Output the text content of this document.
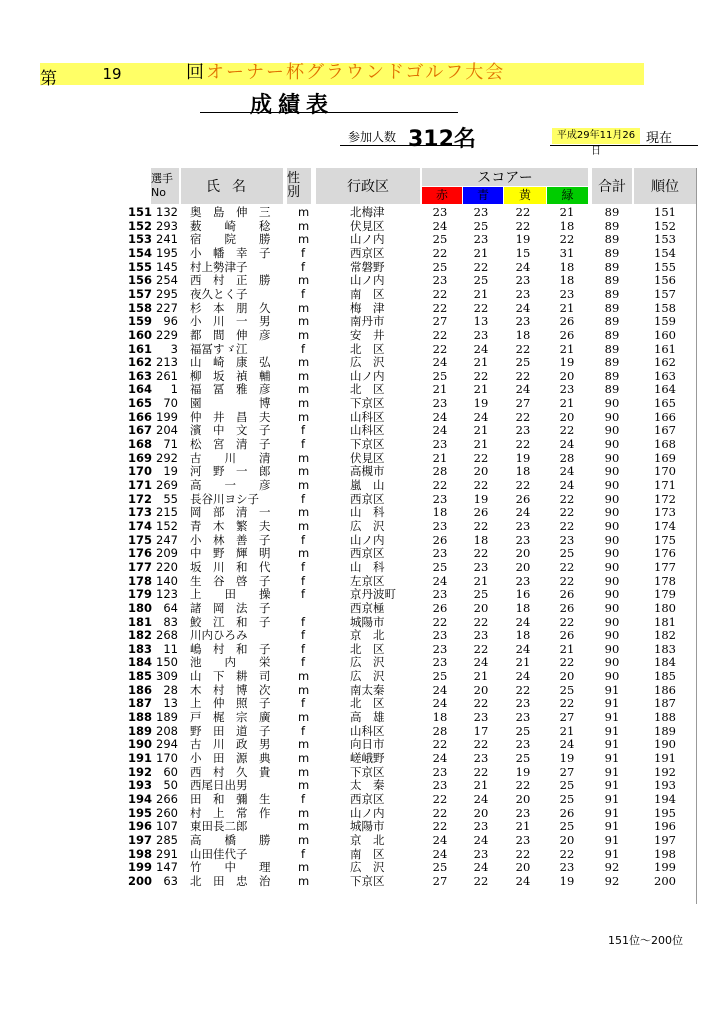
第	19	回オーナー杯グラウンドゴルフ大会
成績表
参加人数 312名	平成29年11月26日
現在
選手No	氏名
性別	行政区
スコアー
赤	青	黄	緑	合計	順位
151 132 奥　島　伸　三	m	北梅津	23	23	22	21	89	151
152 293 薮　　崎　　稔	m	伏見区	24	25	22	18	89	152
153 241 宿　　院　　勝	m	山ノ内	25	23	19	22	89	153
154 195 小　幡　幸　子	f	西京区	22	21	15	31	89	154
155 145 村上勢津子	f	常磐野	25	22	24	18	89	155
156 254 西　村　正　勝	m	山ノ内	23	25	23	18	89	156
157 295 夜久とく子	f	南　区	22	21	23	23	89	157
158 227 杉　本　朋　久	m	梅　津	22	22	24	21	89	158
159 96 小　川　一　男	m	南丹市	27	13	23	26	89	159
160 229 都　間　伸　彦	m	安　井	22	23	18	26	89	160
161	3 福冨すゞ江	f	北　区	22	24	22	21	89	161
162 213 山　崎　康　弘	m	広　沢	24	21	25	19	89	162
163 261 柳　坂　禎　輔	m	山ノ内	25	22	22	20	89	163
164	1 福　冨　雅　彦	m	北　区	21	21	24	23	89	164
165 70 園　　　　　博	m	下京区	23	19	27	21	90	165
166 199 仲　井　昌　夫	m	山科区	24	24	22	20	90	166
167 204 濱　中　文　子	f	山科区	24	21	23	22	90	167
168 71 松　宮　清　子	f	下京区	23	21	22	24	90	168
169 292 古　　川　　清	m	伏見区	21	22	19	28	90	169
170 19 河　野　一　郎	m	高槻市	28	20	18	24	90	170
171 269 高　　一　　彦	m	嵐　山	22	22	22	24	90	171
172 55 長谷川ヨシ子	f	西京区	23	19	26	22	90	172
173 215 岡　部　清　一	m	山　科	18	26	24	22	90	173
174 152 青　木　繁　夫	m	広　沢	23	22	23	22	90	174
175 247 小　林　善　子	f	山ノ内	26	18	23	23	90	175
176 209 中　野　輝　明	m	西京区	23	22	20	25	90	176
177 220 坂　川　和　代	f	山　科	25	23	20	22	90	177
178 140 生　谷　啓　子	f	左京区	24	21	23	22	90	178
179 123 上　　田　　操	f	京丹波町	23	25	16	26	90	179
180 64 諸　岡　法　子	西京極	26	20	18	26	90	180
181 83 鮫　江　和　子	f	城陽市	22	22	24	22	90	181
182 268 川内ひろみ	f	京　北	23	23	18	26	90	182
183 11 嶋　村　和　子	f	北　区	23	22	24	21	90	183
184 150 池　　内　　栄	f	広　沢	23	24	21	22	90	184
185 309 山　下　耕　司	m	広　沢	25	21	24	20	90	185
186 28 木　村　博　次	m	南太秦	24	20	22	25	91	186
187 13 上　仲　照　子	f	北　区	24	22	23	22	91	187
188 189 戸　梶　宗　廣	m	高　雄	18	23	23	27	91	188
189 208 野　田　道　子	f	山科区	28	17	25	21	91	189
190 294 古　川　政　男	m	向日市	22	22	23	24	91	190
191 170 小　田　源　典	m	嵯峨野	24	23	25	19	91	191
192 60 西　村　久　貴	m	下京区	23	22	19	27	91	192
193 50 西尾日出男	m	太　秦	23	21	22	25	91	193
194 266 田　和　彌　生	f	西京区	22	24	20	25	91	194
195 260 村　上　常　作	m	山ノ内	22	20	23	26	91	195
196 107 東田長二郎	m	城陽市	22	23	21	25	91	196
197 285 高　　橋　　勝	m	京　北	24	24	23	20	91	197
198 291 山田佳代子	f	南　区	24	23	22	22	91	198
199 147 竹　　中　　理	m	広　沢	25	24	20	23	92	199
200 63 北　田　忠　治	m	下京区	27	22	24	19	92	200
151位～200位
